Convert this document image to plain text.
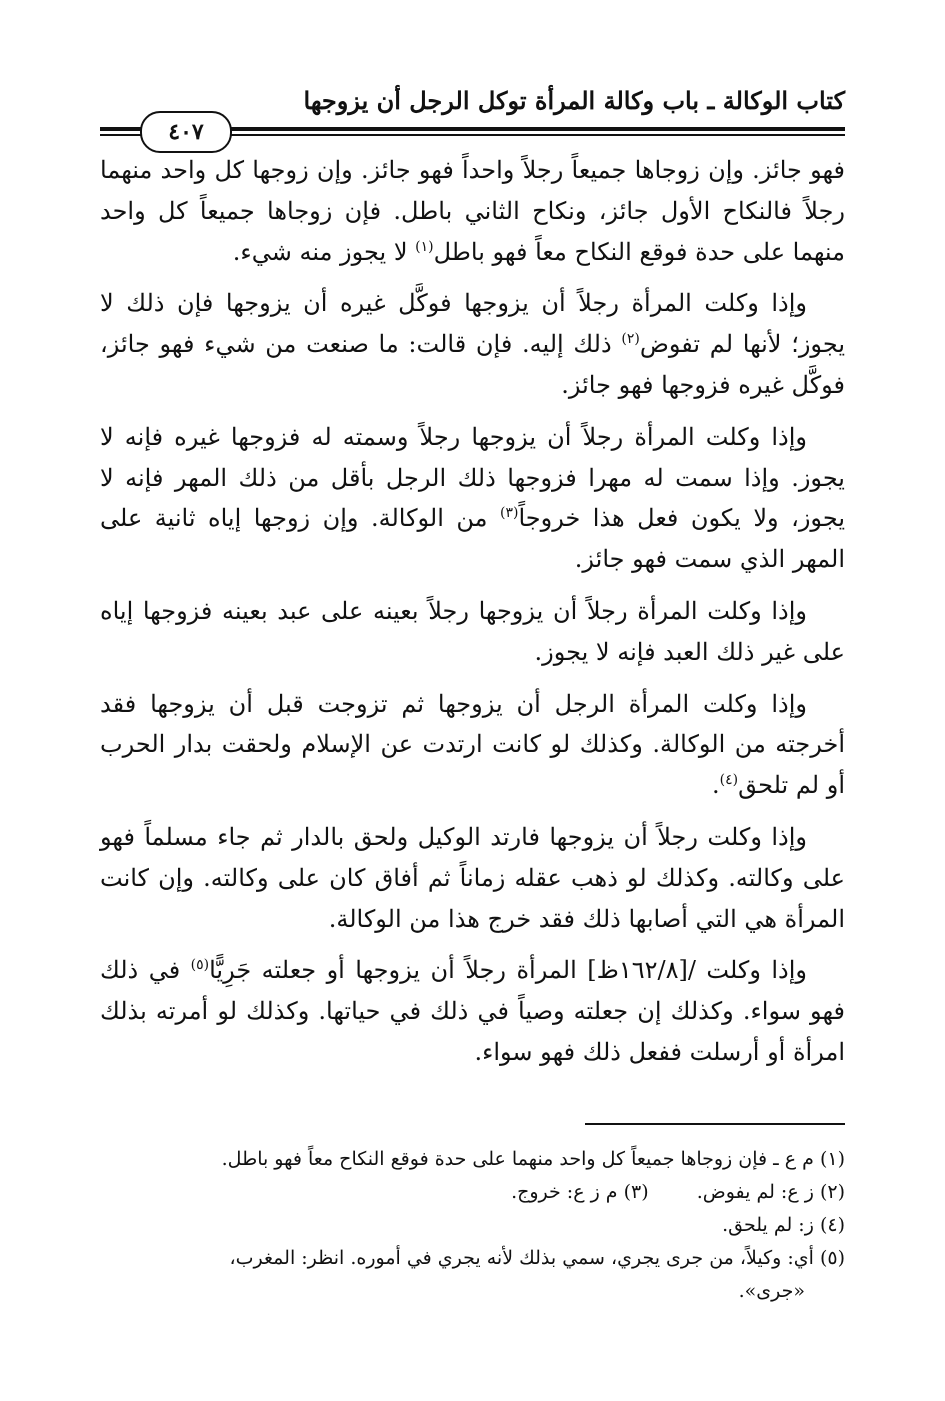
كتاب الوكالة ـ باب وكالة المرأة توكل الرجل أن يزوجها
٤٠٧

فهو جائز. وإن زوجاها جميعاً رجلاً واحداً فهو جائز. وإن زوجها كل واحد منهما رجلاً فالنكاح الأول جائز، ونكاح الثاني باطل. فإن زوجاها جميعاً كل واحد منهما على حدة فوقع النكاح معاً فهو باطل$^{(١)}$ لا يجوز منه شيء.

وإذا وكلت المرأة رجلاً أن يزوجها فوكَّل غيره أن يزوجها فإن ذلك لا يجوز؛ لأنها لم تفوض$^{(٢)}$ ذلك إليه. فإن قالت: ما صنعت من شيء فهو جائز، فوكَّل غيره فزوجها فهو جائز.

وإذا وكلت المرأة رجلاً أن يزوجها رجلاً وسمته له فزوجها غيره فإنه لا يجوز. وإذا سمت له مهرا فزوجها ذلك الرجل بأقل من ذلك المهر فإنه لا يجوز، ولا يكون فعل هذا خروجاً$^{(٣)}$ من الوكالة. وإن زوجها إياه ثانية على المهر الذي سمت فهو جائز.

وإذا وكلت المرأة رجلاً أن يزوجها رجلاً بعينه على عبد بعينه فزوجها إياه على غير ذلك العبد فإنه لا يجوز.

وإذا وكلت المرأة الرجل أن يزوجها ثم تزوجت قبل أن يزوجها فقد أخرجته من الوكالة. وكذلك لو كانت ارتدت عن الإسلام ولحقت بدار الحرب أو لم تلحق$^{(٤)}$.

وإذا وكلت رجلاً أن يزوجها فارتد الوكيل ولحق بالدار ثم جاء مسلماً فهو على وكالته. وكذلك لو ذهب عقله زماناً ثم أفاق كان على وكالته. وإن كانت المرأة هي التي أصابها ذلك فقد خرج هذا من الوكالة.

وإذا وكلت /[١٦٢/٨ظ] المرأة رجلاً أن يزوجها أو جعلته جَرِيًّا$^{(٥)}$ في ذلك فهو سواء. وكذلك إن جعلته وصياً في ذلك في حياتها. وكذلك لو أمرته بذلك امرأة أو أرسلت ففعل ذلك فهو سواء.

(١) م ع ـ فإن زوجاها جميعاً كل واحد منهما على حدة فوقع النكاح معاً فهو باطل.

(٢) ز ع: لم يفوض.
(٣) م ز ع: خروج.

(٤) ز: لم يلحق.

(٥) أي: وكيلاً، من جرى يجري، سمي بذلك لأنه يجري في أموره. انظر: المغرب،

«جرى».
